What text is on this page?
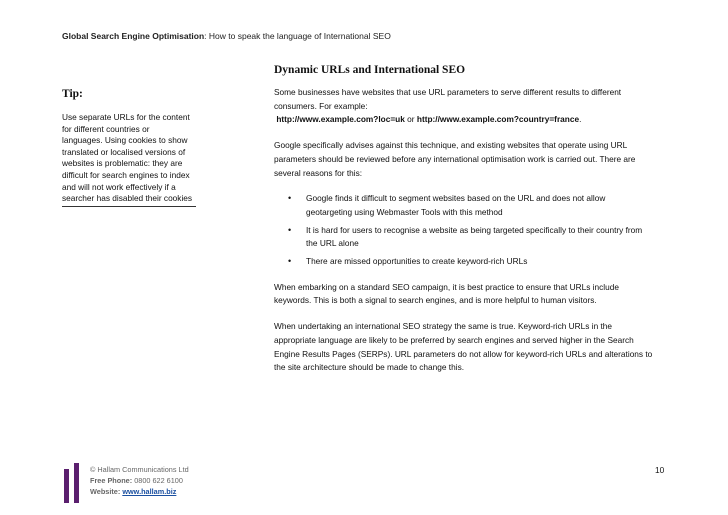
Global Search Engine Optimisation: How to speak the language of International SEO
Tip:
Use separate URLs for the content
for different countries or
languages. Using cookies to show
translated or localised versions of
websites is problematic: they are
difficult for search engines to index
and will not work effectively if a
searcher has disabled their cookies
Dynamic URLs and International SEO
Some businesses have websites that use URL parameters to serve different results to different
consumers. For example:
http://www.example.com?loc=uk or http://www.example.com?country=france.
Google specifically advises against this technique, and existing websites that operate using URL
parameters should be reviewed before any international optimisation work is carried out. There are
several reasons for this:
• Google finds it difficult to segment websites based on the URL and does not allow
geotargeting using Webmaster Tools with this method
• It is hard for users to recognise a website as being targeted specifically to their country from
the URL alone
• There are missed opportunities to create keyword-rich URLs
When embarking on a standard SEO campaign, it is best practice to ensure that URLs include
keywords. This is both a signal to search engines, and is more helpful to human visitors.
When undertaking an international SEO strategy the same is true. Keyword-rich URLs in the
appropriate language are likely to be preferred by search engines and served higher in the Search
Engine Results Pages (SERPs). URL parameters do not allow for keyword-rich URLs and alterations to
the site architecture should be made to change this.
© Hallam Communications Ltd
Free Phone: 0800 622 6100
Website: www.hallam.biz
10
